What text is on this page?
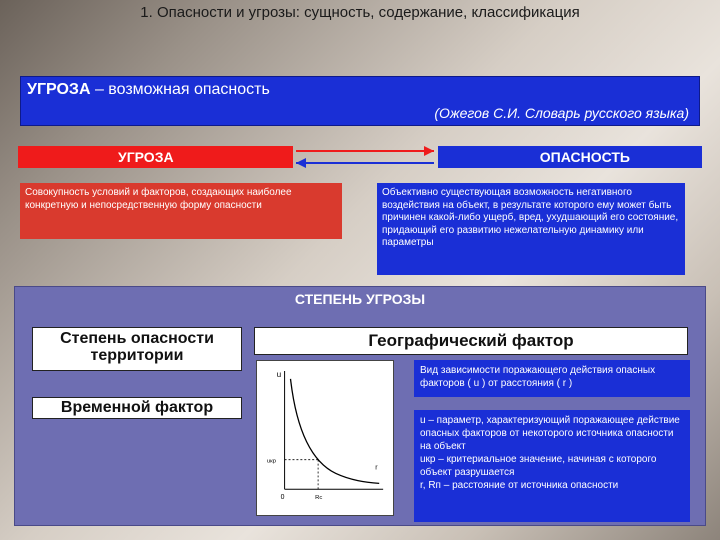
1. Опасности и угрозы: сущность, содержание, классификация
УГРОЗА – возможная опасность
(Ожегов С.И. Словарь русского языка)
УГРОЗА	ОПАСНОСТЬ
Совокупность условий и факторов, создающих наиболее конкретную и непосредственную форму опасности
Объективно существующая возможность негативного воздействия на объект, в результате которого ему может быть причинен какой-либо ущерб, вред, ухудшающий его состояние, придающий его развитию нежелательную динамику или параметры
СТЕПЕНЬ УГРОЗЫ
Степень опасности территории
Временной фактор
Географический фактор
u
uкр
0	Rc
r
Вид зависимости поражающего действия опасных факторов ( u ) от расстояния ( r )
u – параметр, характеризующий поражающее действие опасных факторов от некоторого источника опасности на объект
uкр – критериальное значение, начиная с которого объект разрушается
r, Rп – расстояние от источника опасности
